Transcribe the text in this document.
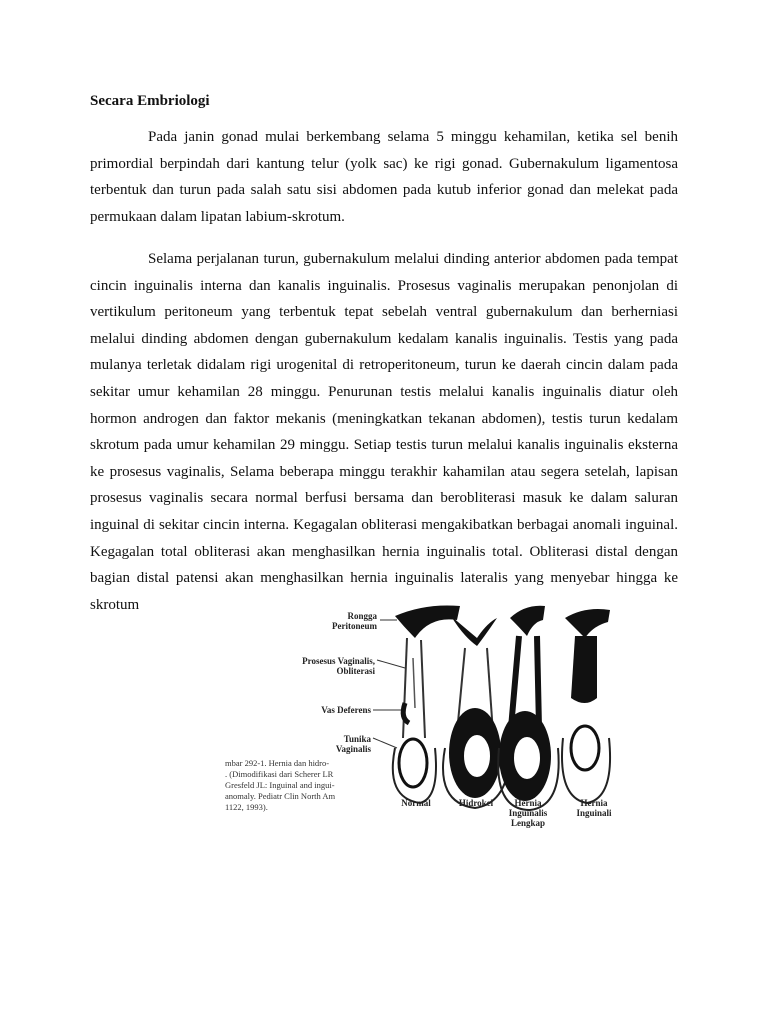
Secara Embriologi

Pada janin gonad mulai berkembang selama 5 minggu kehamilan, ketika sel benih primordial berpindah dari kantung telur (yolk sac) ke rigi gonad. Gubernakulum ligamentosa terbentuk dan turun pada salah satu sisi abdomen pada kutub inferior gonad dan melekat pada permukaan dalam lipatan labium-skrotum.

Selama perjalanan turun, gubernakulum melalui dinding anterior abdomen pada tempat cincin inguinalis interna dan kanalis inguinalis. Prosesus vaginalis merupakan penonjolan di vertikulum peritoneum yang terbentuk tepat sebelah ventral gubernakulum dan berherniasi melalui dinding abdomen dengan gubernakulum kedalam kanalis inguinalis. Testis yang pada mulanya terletak didalam rigi urogenital di retroperitoneum, turun ke daerah cincin dalam pada sekitar umur kehamilan 28 minggu. Penurunan testis melalui kanalis inguinalis diatur oleh hormon androgen dan faktor mekanis (meningkatkan tekanan abdomen), testis turun kedalam skrotum pada umur kehamilan 29 minggu. Setiap testis turun melalui kanalis inguinalis eksterna ke prosesus vaginalis, Selama beberapa minggu terakhir kahamilan atau segera setelah, lapisan prosesus vaginalis secara normal berfusi bersama dan berobliterasi masuk ke dalam saluran inguinal di sekitar cincin interna. Kegagalan obliterasi mengakibatkan berbagai anomali inguinal. Kegagalan total obliterasi akan menghasilkan hernia inguinalis total. Obliterasi distal dengan bagian distal patensi akan menghasilkan hernia inguinalis lateralis yang menyebar hingga ke skrotum

Rongga
Peritoneum
Prosesus Vaginalis,
Obliterasi
Vas Deferens
Tunika
Vaginalis
mbar 292-1. Hernia dan hidro-
. (Dimodifikasi dari Scherer LR
Gresfeld JL: Inguinal and ingui-
anomaly. Pediatr Clin North Am
1122, 1993).	Normal	Hidrokel	Hernia
Inguinalis
Lengkap
Hernia
Inguinali
